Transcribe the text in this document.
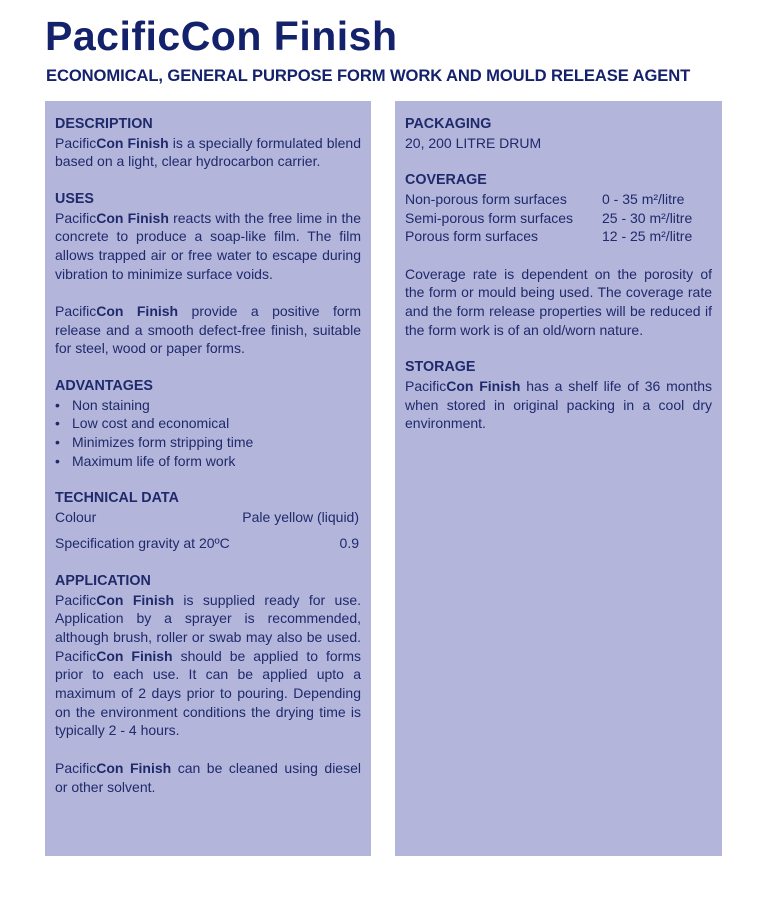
PacificCon Finish
ECONOMICAL, GENERAL PURPOSE FORM WORK AND MOULD RELEASE AGENT
DESCRIPTION

PacificCon Finish is a specially formulated blend based on a light, clear hydrocarbon carrier.

USES

PacificCon Finish reacts with the free lime in the concrete to produce a soap-like film. The film allows trapped air or free water to escape during vibration to minimize surface voids.

PacificCon Finish provide a positive form release and a smooth defect-free finish, suitable for steel, wood or paper forms.

ADVANTAGES
• Non staining
• Low cost and economical
• Minimizes form stripping time
• Maximum life of form work
TECHNICAL DATA
Colour	Pale yellow (liquid)
Specification gravity at 20ºC	0.9
APPLICATION

PacificCon Finish is supplied ready for use. Application by a sprayer is recommended, although brush, roller or swab may also be used. PacificCon Finish should be applied to forms prior to each use. It can be applied upto a maximum of 2 days prior to pouring. Depending on the environment conditions the drying time is typically 2 - 4 hours.

PacificCon Finish can be cleaned using diesel or other solvent.

PACKAGING

20, 200 LITRE DRUM

COVERAGE
Non-porous form surfaces	0 - 35 m²/litre
Semi-porous form surfaces	25 - 30 m²/litre
Porous form surfaces	12 - 25 m²/litre

Coverage rate is dependent on the porosity of the form or mould being used. The coverage rate and the form release properties will be reduced if the form work is of an old/worn nature.

STORAGE

PacificCon Finish has a shelf life of 36 months when stored in original packing in a cool dry environment.
